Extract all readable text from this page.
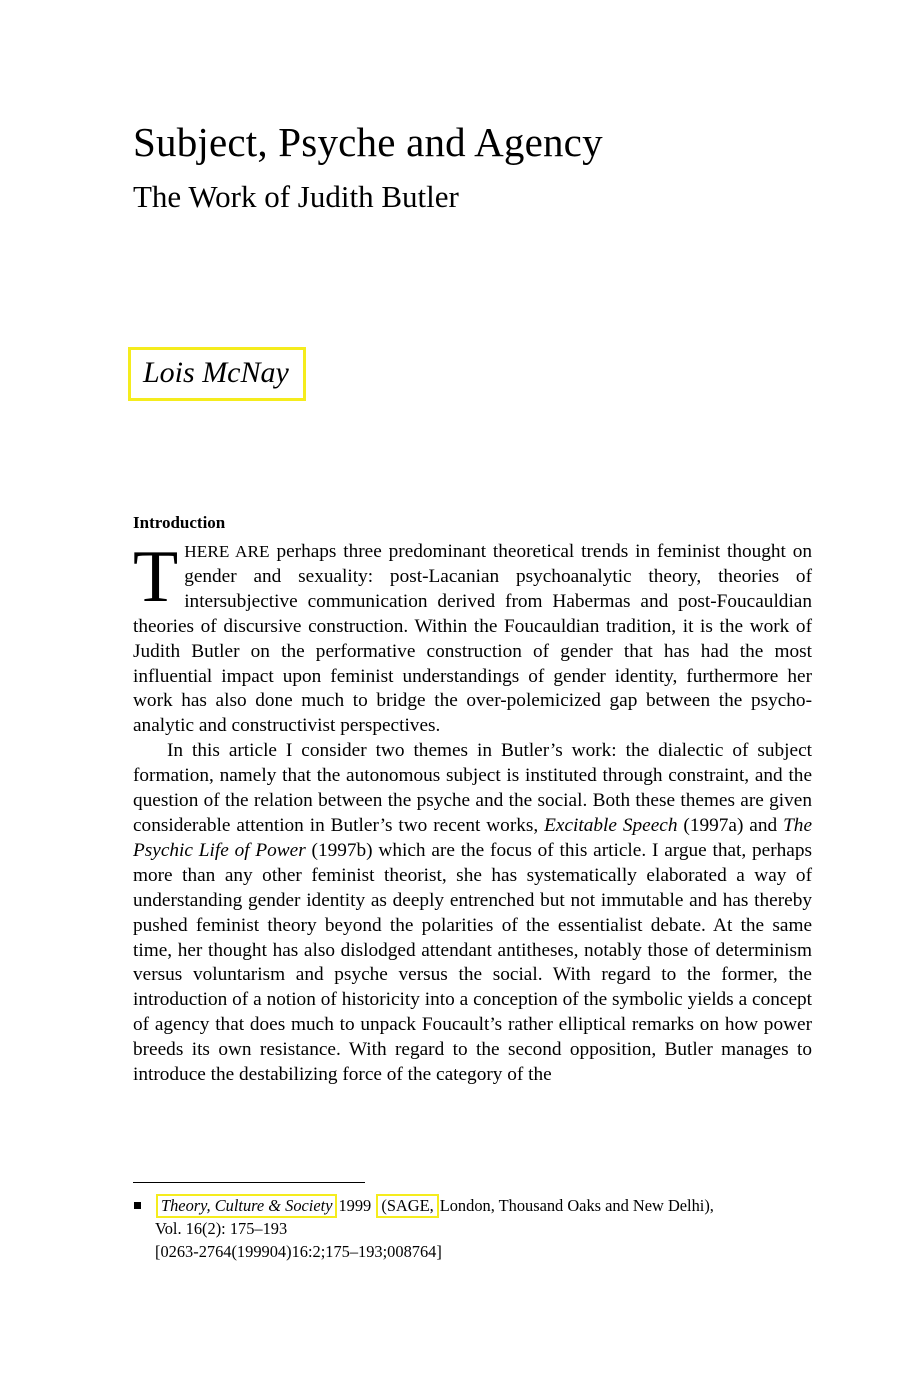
Subject, Psyche and Agency
The Work of Judith Butler
Lois McNay
Introduction

THERE ARE perhaps three predominant theoretical trends in feminist thought on gender and sexuality: post-Lacanian psychoanalytic theory, theories of intersubjective communication derived from Habermas and post-Foucauldian theories of discursive construction. Within the Foucauldian tradition, it is the work of Judith Butler on the performative construction of gender that has had the most influential impact upon feminist understandings of gender identity, furthermore her work has also done much to bridge the over-polemicized gap between the psycho-analytic and constructivist perspectives.

In this article I consider two themes in Butler’s work: the dialectic of subject formation, namely that the autonomous subject is instituted through constraint, and the question of the relation between the psyche and the social. Both these themes are given considerable attention in Butler’s two recent works, Excitable Speech (1997a) and The Psychic Life of Power (1997b) which are the focus of this article. I argue that, perhaps more than any other feminist theorist, she has systematically elaborated a way of understanding gender identity as deeply entrenched but not immutable and has thereby pushed feminist theory beyond the polarities of the essentialist debate. At the same time, her thought has also dislodged attendant antitheses, notably those of determinism versus voluntarism and psyche versus the social. With regard to the former, the introduction of a notion of historicity into a conception of the symbolic yields a concept of agency that does much to unpack Foucault’s rather elliptical remarks on how power breeds its own resistance. With regard to the second opposition, Butler manages to introduce the destabilizing force of the category of the

Theory, Culture & Society 1999 (SAGE, London, Thousand Oaks and New Delhi),
Vol. 16(2): 175–193
[0263-2764(199904)16:2;175–193;008764]
